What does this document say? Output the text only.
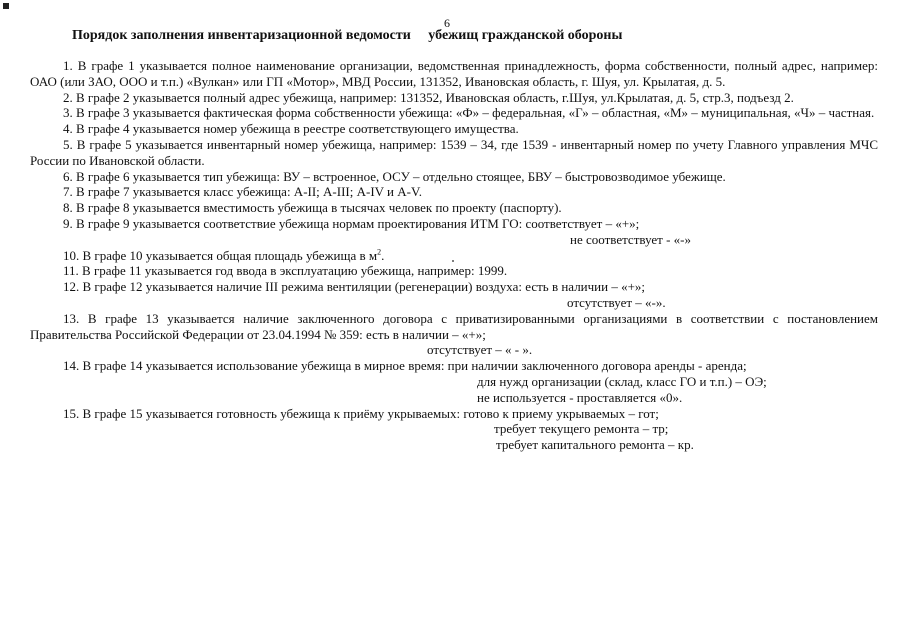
6
Порядок заполнения инвентаризационной ведомости     убежищ гражданской обороны

1. В графе 1 указывается полное наименование организации, ведомственная принадлежность, форма собственности, полный адрес, например: ОАО (или ЗАО, ООО и т.п.) «Вулкан» или ГП «Мотор», МВД России, 131352, Ивановская область, г. Шуя, ул. Крылатая, д. 5.

2. В графе 2 указывается полный адрес убежища, например: 131352, Ивановская область, г.Шуя, ул.Крылатая, д. 5, стр.3, подъезд 2.

3. В графе 3 указывается фактическая форма собственности убежища: «Ф» – федеральная, «Г» – областная, «М» – муниципальная, «Ч» – частная.

4. В графе 4 указывается номер убежища в реестре соответствующего имущества.

5. В графе 5 указывается инвентарный номер убежища, например: 1539 – 34, где 1539 - инвентарный номер по учету Главного управления МЧС России по Ивановской области.

6. В графе 6 указывается тип убежища: ВУ – встроенное, ОСУ – отдельно стоящее, БВУ – быстровозводимое убежище.

7. В графе 7 указывается класс убежища: А-II; А-III; А-IV и А-V.

8. В графе 8 указывается вместимость убежища в тысячах человек по проекту (паспорту).

9. В графе 9 указывается соответствие убежища нормам проектирования ИТМ ГО: соответствует – «+»;

не соответствует - «-»

10. В графе 10 указывается общая площадь убежища в $м^2$.

11. В графе 11 указывается год ввода в эксплуатацию убежища, например: 1999.

12. В графе 12 указывается наличие III режима вентиляции (регенерации) воздуха: есть в наличии – «+»;

отсутствует – «-».

13. В графе 13 указывается наличие заключенного договора с приватизированными организациями в соответствии с постановлением Правительства Российской Федерации от 23.04.1994 № 359: есть в наличии – «+»;

отсутствует – « - ».

14. В графе 14 указывается использование убежища в мирное время: при наличии заключенного договора аренды - аренда;

для нужд организации (склад, класс ГО и т.п.) – ОЭ;

не используется - проставляется «0».

15. В графе 15 указывается готовность убежища к приёму укрываемых: готово к приему укрываемых – гот;

требует текущего ремонта – тр;

требует капитального ремонта – кр.
